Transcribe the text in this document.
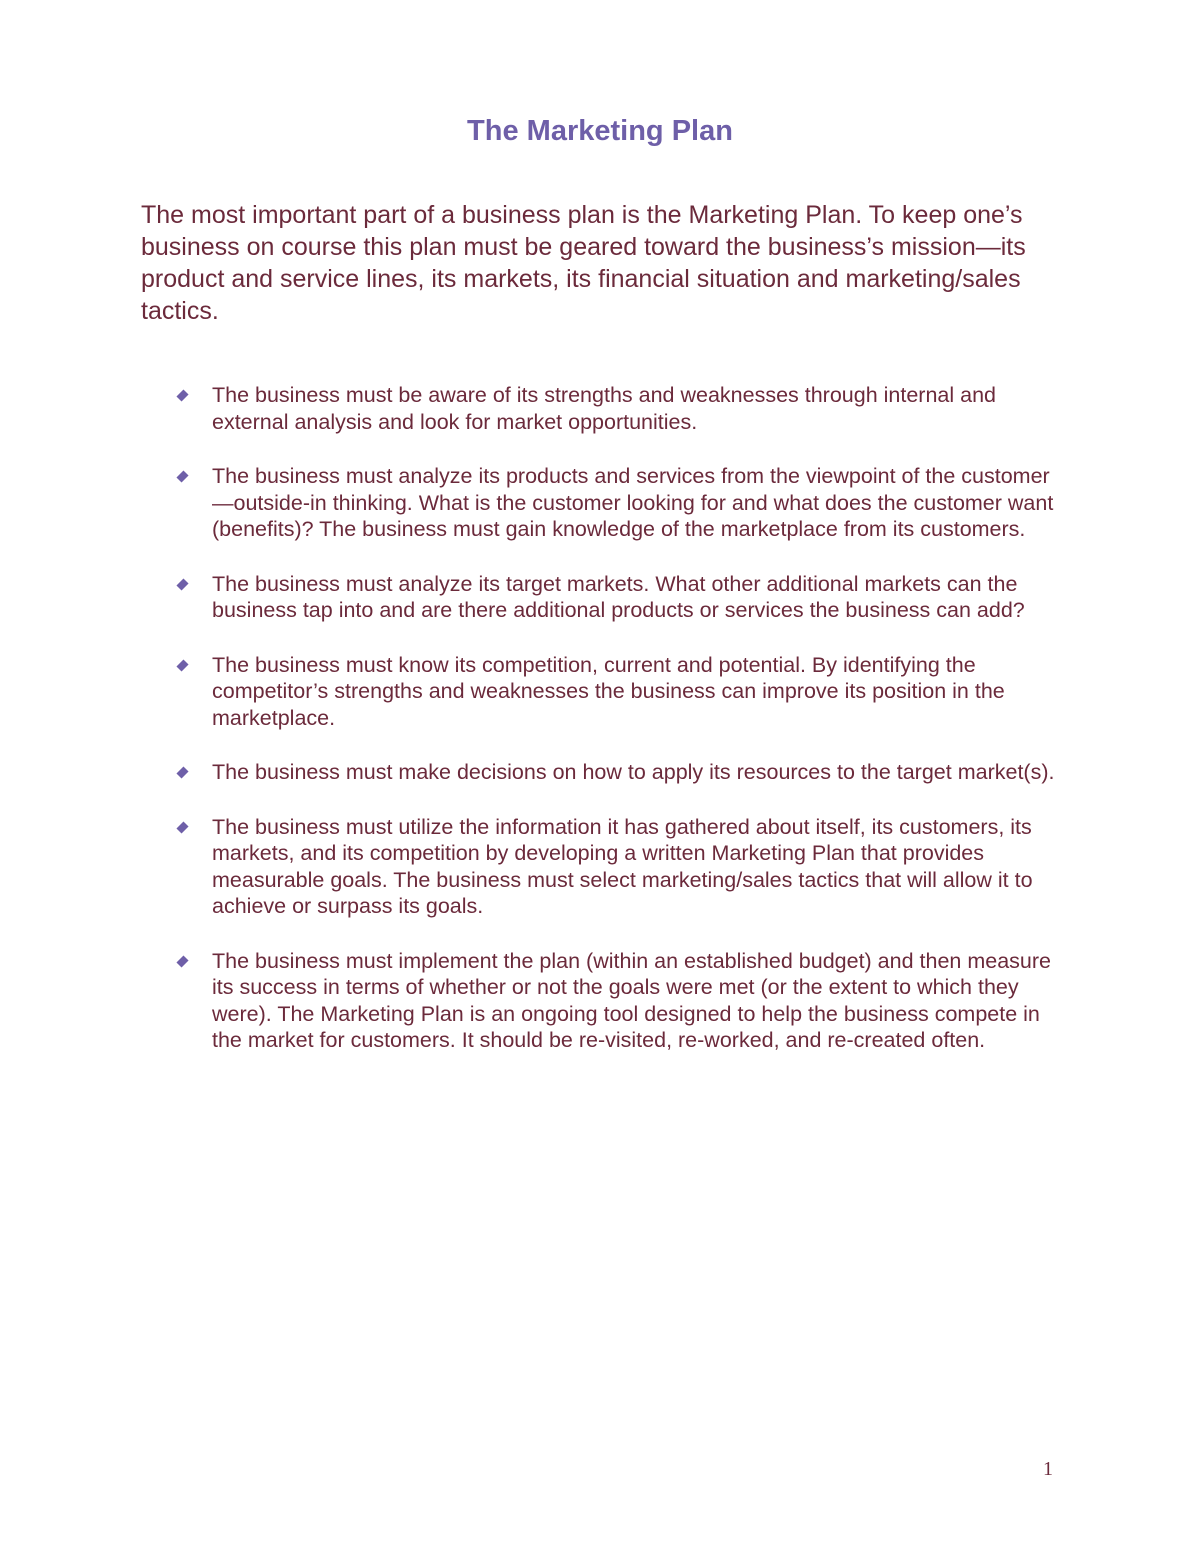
The Marketing Plan

The most important part of a business plan is the Marketing Plan. To keep one’s business on course this plan must be geared toward the business’s mission—its product and service lines, its markets, its financial situation and marketing/sales tactics.

The business must be aware of its strengths and weaknesses through internal and external analysis and look for market opportunities.
The business must analyze its products and services from the viewpoint of the customer—outside-in thinking. What is the customer looking for and what does the customer want (benefits)? The business must gain knowledge of the marketplace from its customers.
The business must analyze its target markets. What other additional markets can the business tap into and are there additional products or services the business can add?
The business must know its competition, current and potential. By identifying the competitor’s strengths and weaknesses the business can improve its position in the marketplace.
The business must make decisions on how to apply its resources to the target market(s).
The business must utilize the information it has gathered about itself, its customers, its markets, and its competition by developing a written Marketing Plan that provides measurable goals. The business must select marketing/sales tactics that will allow it to achieve or surpass its goals.
The business must implement the plan (within an established budget) and then measure its success in terms of whether or not the goals were met (or the extent to which they were). The Marketing Plan is an ongoing tool designed to help the business compete in the market for customers. It should be re-visited, re-worked, and re-created often.
1
